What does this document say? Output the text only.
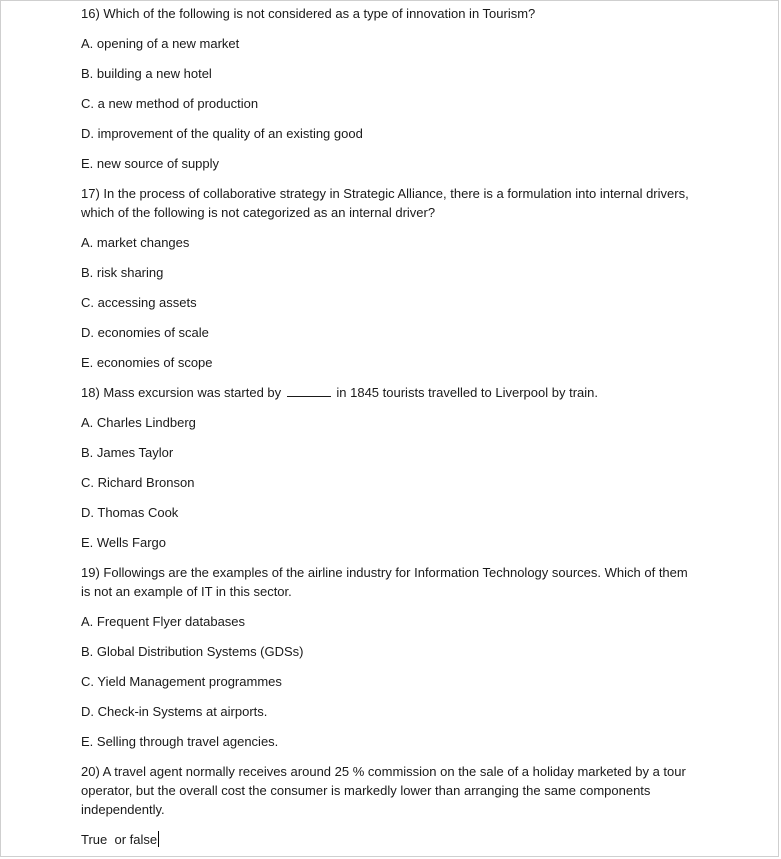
16) Which of the following is not considered as a type of innovation in Tourism?

A. opening of a new market

B. building a new hotel

C. a new method of production

D. improvement of the quality of an existing good

E. new source of supply

17) In the process of collaborative strategy in Strategic Alliance, there is a formulation into internal drivers, which of the following is not categorized as an internal driver?

A. market changes

B. risk sharing

C. accessing assets

D. economies of scale

E. economies of scope

18) Mass excursion was started by	in 1845 tourists travelled to Liverpool by train.

A. Charles Lindberg

B. James Taylor

C. Richard Bronson

D. Thomas Cook

E. Wells Fargo

19) Followings are the examples of the airline industry for Information Technology sources. Which of them is not an example of IT in this sector.

A. Frequent Flyer databases

B. Global Distribution Systems (GDSs)

C. Yield Management programmes

D. Check-in Systems at airports.

E. Selling through travel agencies.

20) A travel agent normally receives around 25 % commission on the sale of a holiday marketed by a tour operator, but the overall cost the consumer is markedly lower than arranging the same components independently.

True  or false
